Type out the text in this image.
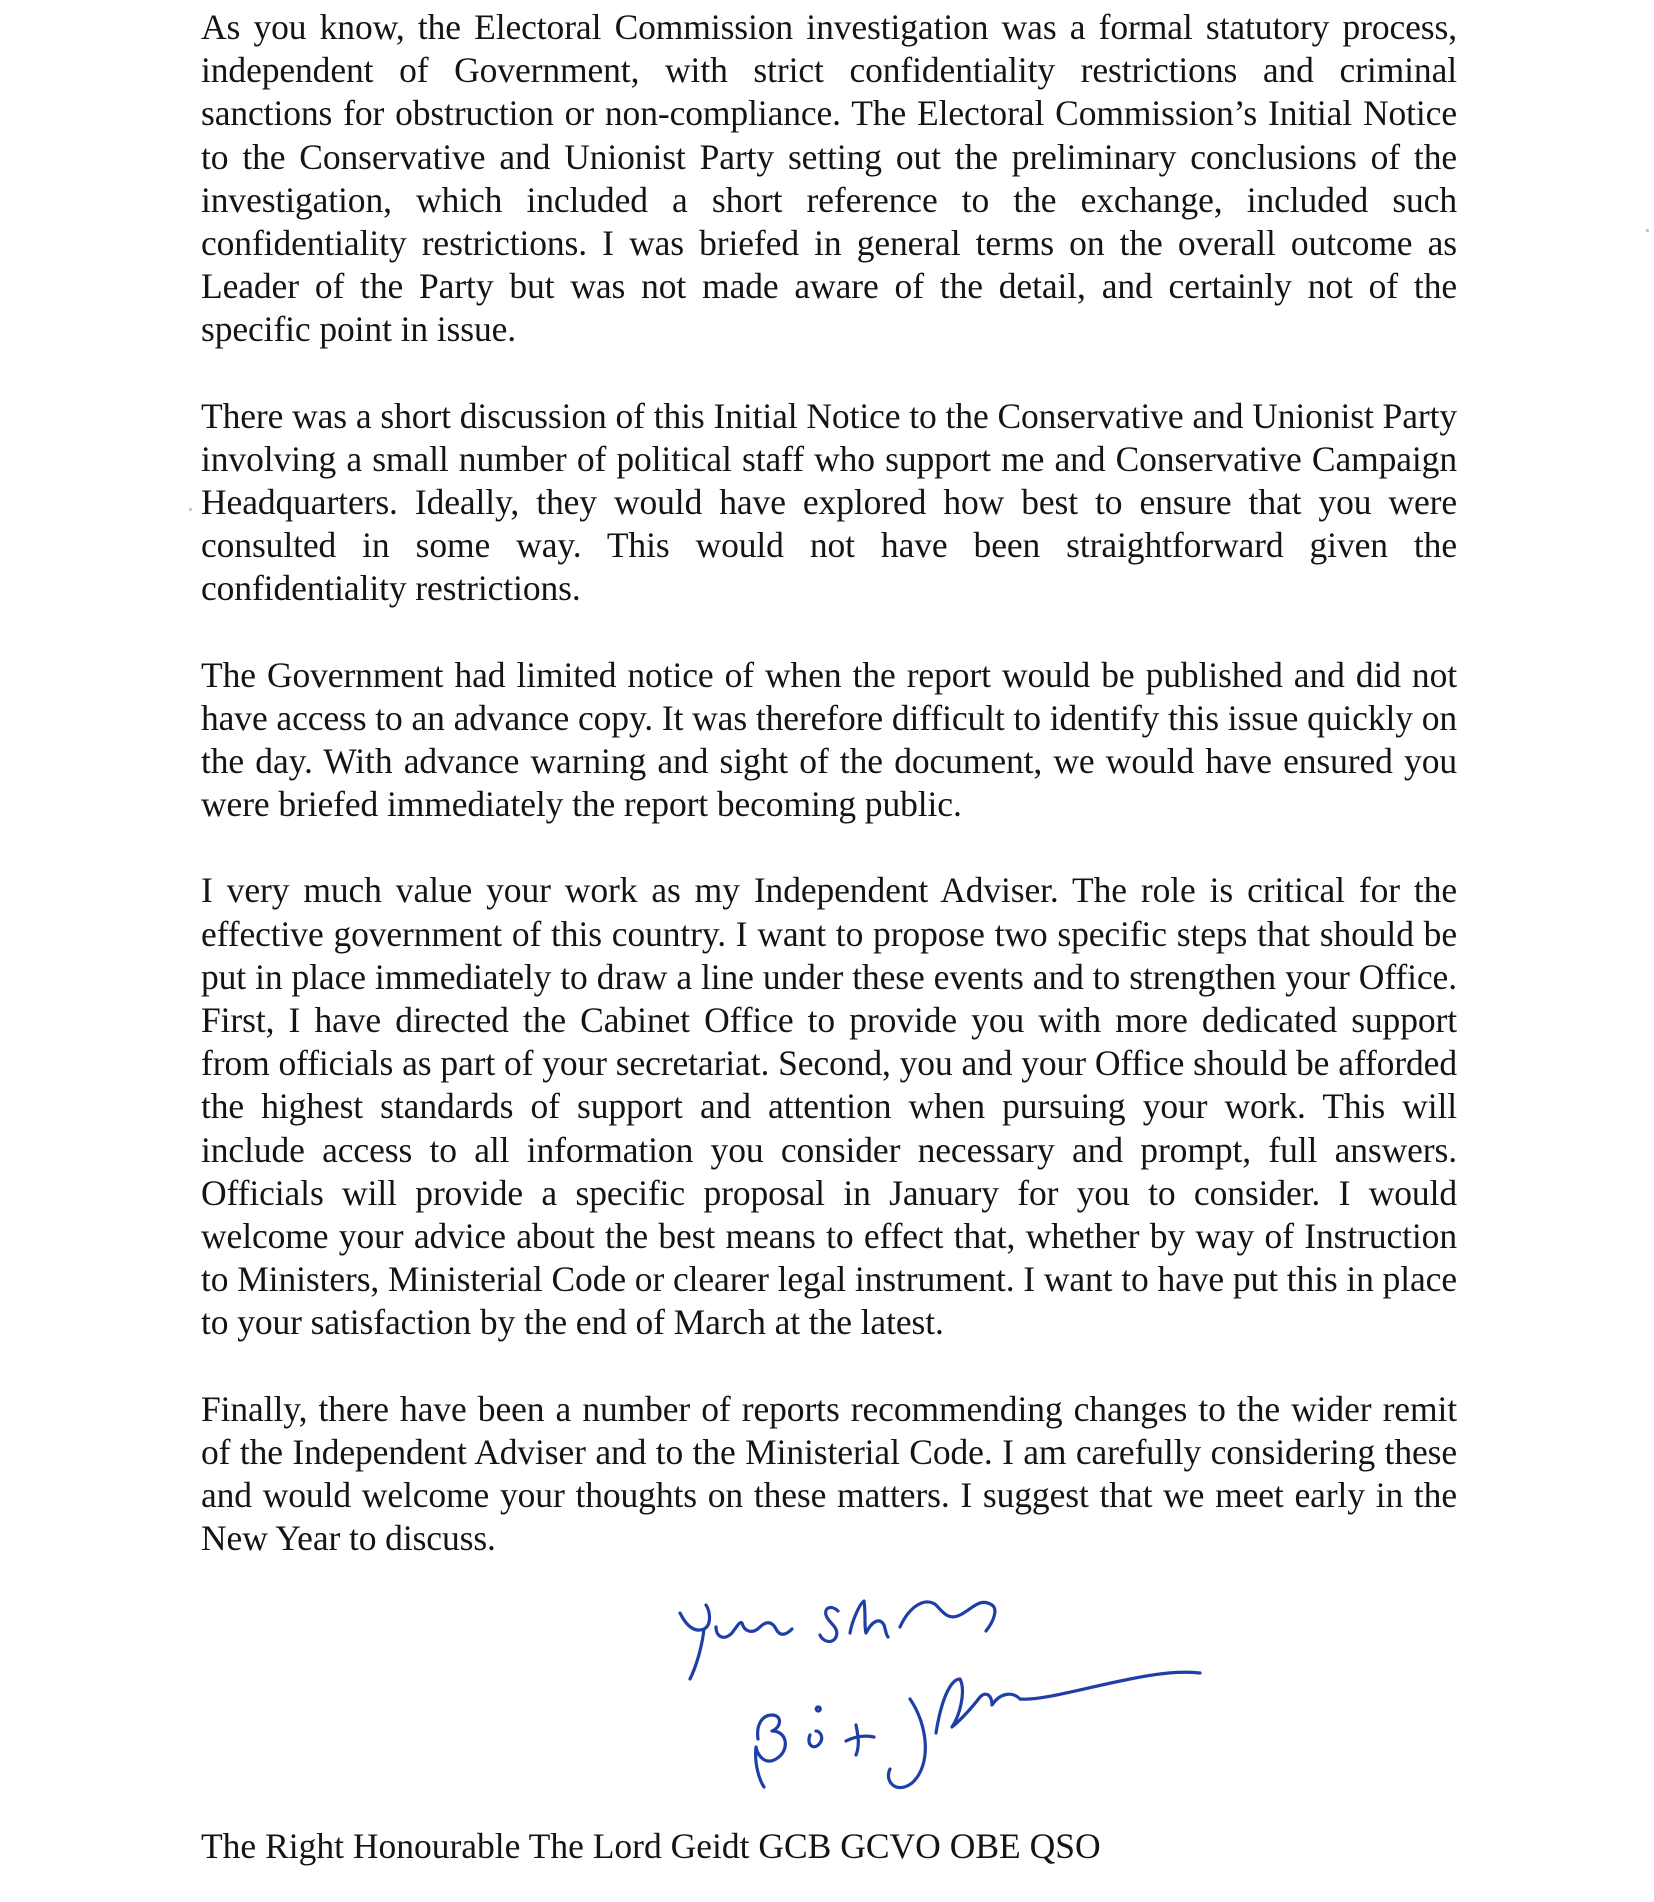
As you know, the Electoral Commission investigation was a formal statutory process, independent of Government, with strict confidentiality restrictions and criminal sanctions for obstruction or non-compliance. The Electoral Commission’s Initial Notice to the Conservative and Unionist Party setting out the preliminary conclusions of the investigation, which included a short reference to the exchange, included such confidentiality restrictions. I was briefed in general terms on the overall outcome as Leader of the Party but was not made aware of the detail, and certainly not of the specific point in issue.

There was a short discussion of this Initial Notice to the Conservative and Unionist Party involving a small number of political staff who support me and Conservative Campaign Headquarters. Ideally, they would have explored how best to ensure that you were consulted in some way. This would not have been straightforward given the confidentiality restrictions.

The Government had limited notice of when the report would be published and did not have access to an advance copy. It was therefore difficult to identify this issue quickly on the day. With advance warning and sight of the document, we would have ensured you were briefed immediately the report becoming public.

I very much value your work as my Independent Adviser. The role is critical for the effective government of this country. I want to propose two specific steps that should be put in place immediately to draw a line under these events and to strengthen your Office. First, I have directed the Cabinet Office to provide you with more dedicated support from officials as part of your secretariat. Second, you and your Office should be afforded the highest standards of support and attention when pursuing your work. This will include access to all information you consider necessary and prompt, full answers. Officials will provide a specific proposal in January for you to consider. I would welcome your advice about the best means to effect that, whether by way of Instruction to Ministers, Ministerial Code or clearer legal instrument. I want to have put this in place to your satisfaction by the end of March at the latest.

Finally, there have been a number of reports recommending changes to the wider remit of the Independent Adviser and to the Ministerial Code. I am carefully considering these and would welcome your thoughts on these matters. I suggest that we meet early in the New Year to discuss.

The Right Honourable The Lord Geidt GCB GCVO OBE QSO
